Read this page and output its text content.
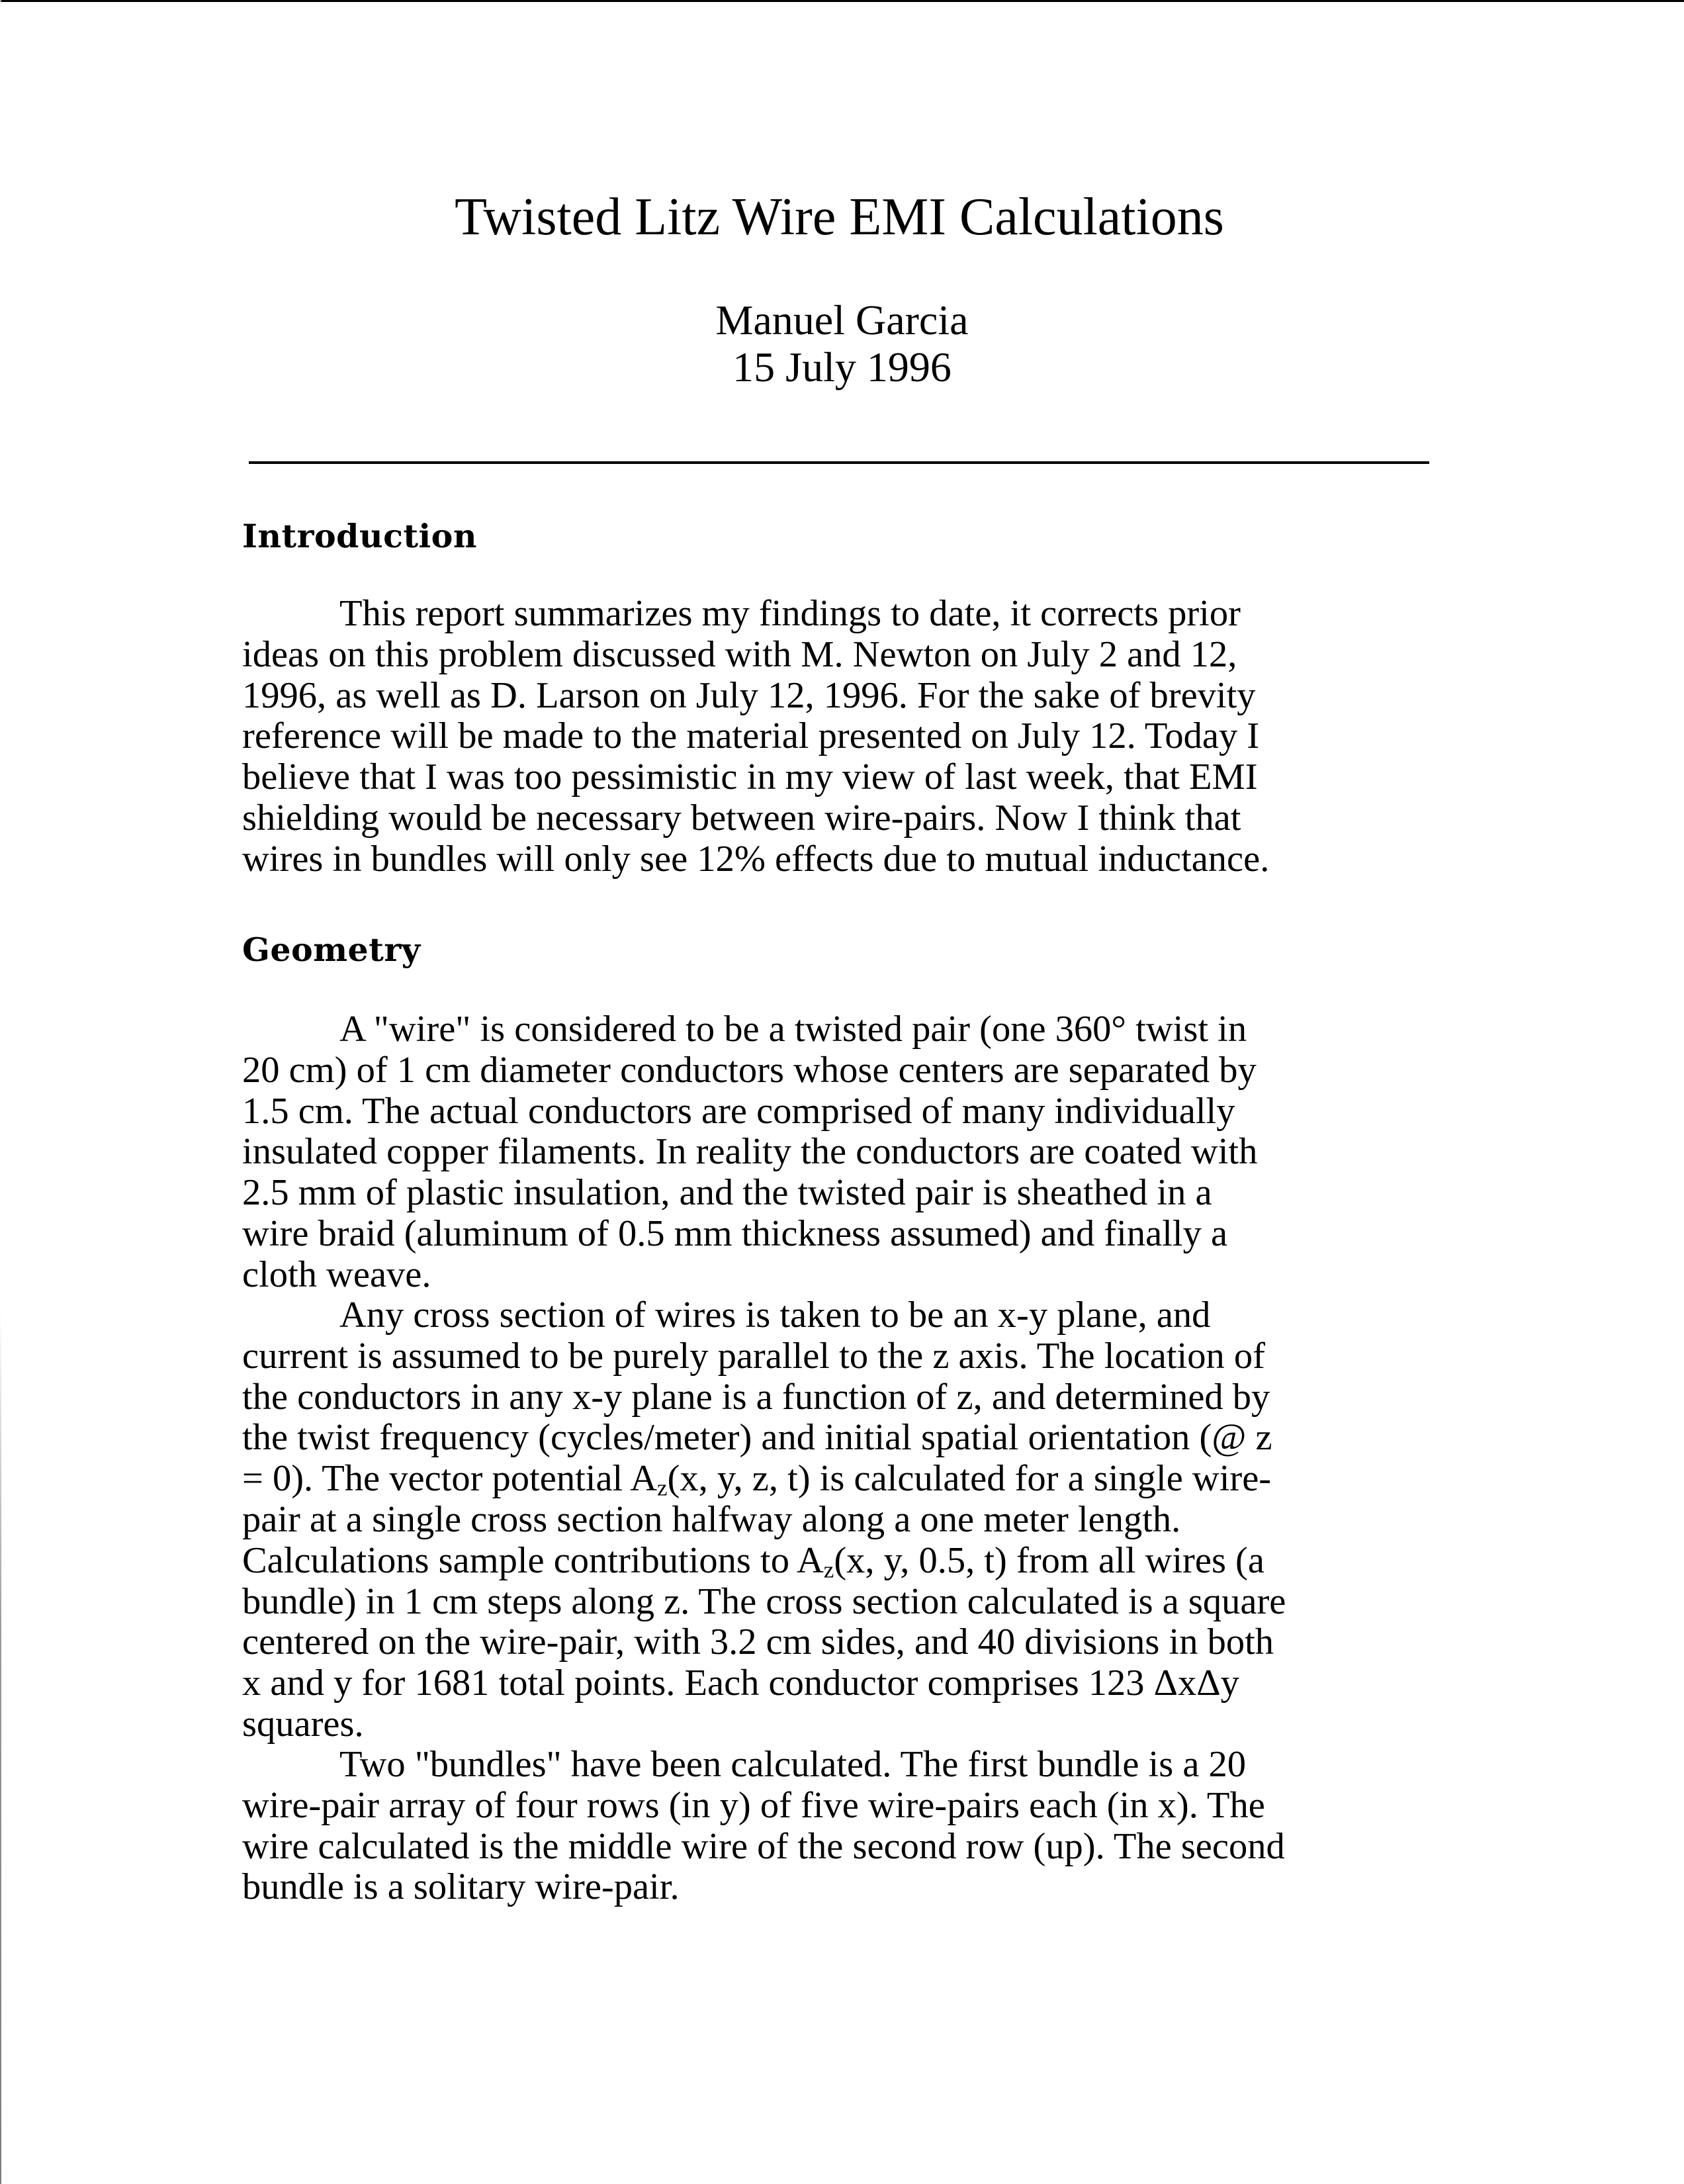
Twisted Litz Wire EMI Calculations
Manuel Garcia
15 July 1996
Introduction
This report summarizes my findings to date, it corrects prior
ideas on this problem discussed with M. Newton on July 2 and 12,
1996, as well as D. Larson on July 12, 1996. For the sake of brevity
reference will be made to the material presented on July 12. Today I
believe that I was too pessimistic in my view of last week, that EMI
shielding would be necessary between wire-pairs. Now I think that
wires in bundles will only see 12% effects due to mutual inductance.
Geometry
A "wire" is considered to be a twisted pair (one 360° twist in
20 cm) of 1 cm diameter conductors whose centers are separated by
1.5 cm. The actual conductors are comprised of many individually
insulated copper filaments. In reality the conductors are coated with
2.5 mm of plastic insulation, and the twisted pair is sheathed in a
wire braid (aluminum of 0.5 mm thickness assumed) and finally a
cloth weave.
Any cross section of wires is taken to be an x-y plane, and
current is assumed to be purely parallel to the z axis. The location of
the conductors in any x-y plane is a function of z, and determined by
the twist frequency (cycles/meter) and initial spatial orientation (@ z
= 0). The vector potential $A_z(x$, y, z, t) is calculated for a single wire-
pair at a single cross section halfway along a one meter length.
Calculations sample contributions to $A_z(x$, y, 0.5, t) from all wires (a
bundle) in 1 cm steps along z. The cross section calculated is a square
centered on the wire-pair, with 3.2 cm sides, and 40 divisions in both
x and y for 1681 total points. Each conductor comprises 123 ΔxΔy
squares.
Two "bundles" have been calculated. The first bundle is a 20
wire-pair array of four rows (in y) of five wire-pairs each (in x). The
wire calculated is the middle wire of the second row (up). The second
bundle is a solitary wire-pair.
